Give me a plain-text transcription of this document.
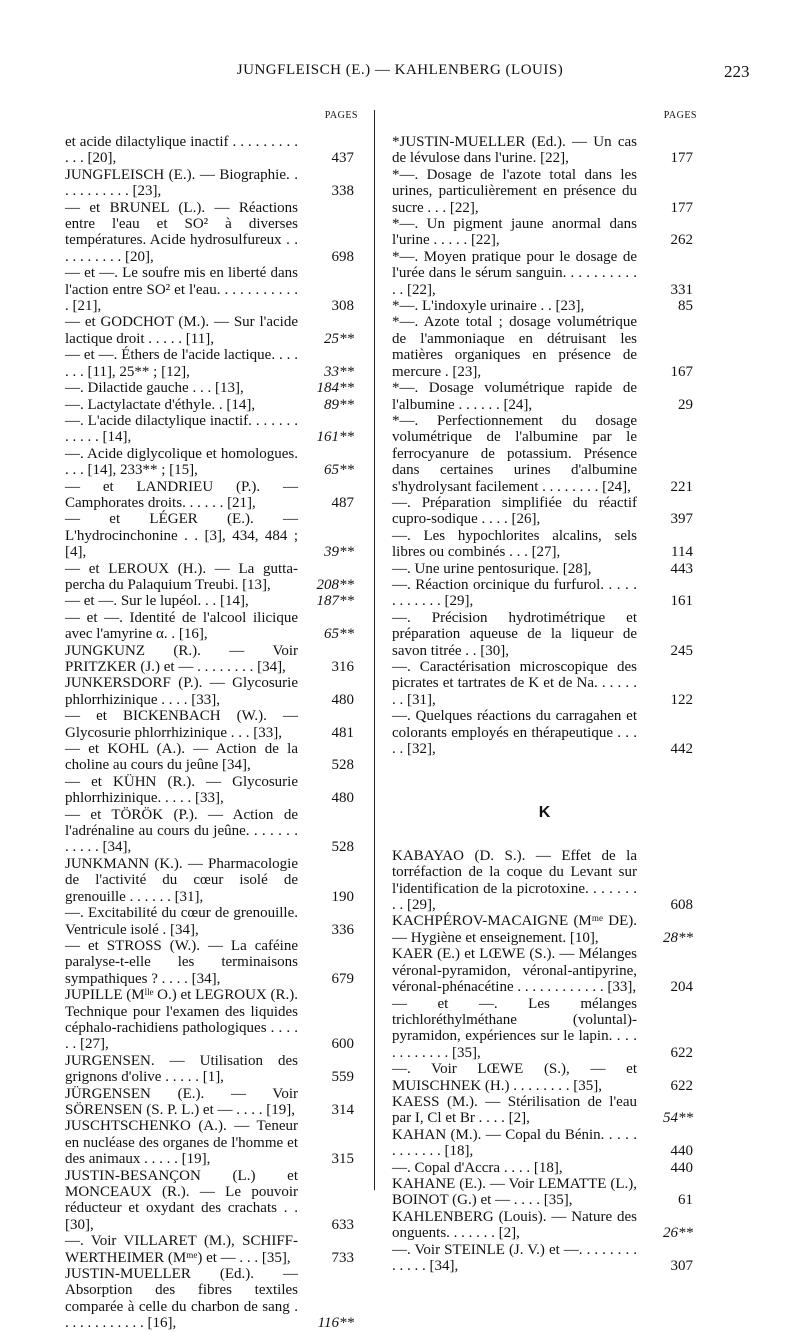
JUNGFLEISCH (E.) — KAHLENBERG (LOUIS)	223
PAGES
et acide dilactylique inactif . . . . . . . . . . . . [20],	437
JUNGFLEISCH (E.). — Biographie. . . . . . . . . . . [23],	338
— et BRUNEL (L.). — Réactions entre l'eau et SO² à diverses températures. Acide hydrosulfureux . . . . . . . . . . [20],	698
— et —. Le soufre mis en liberté dans l'action entre SO² et l'eau. . . . . . . . . . . . [21],	308
— et GODCHOT (M.). — Sur l'acide lactique droit . . . . . [11],	25**
— et —. Éthers de l'acide lactique. . . . . . . [11], 25** ; [12],	33**
—. Dilactide gauche . . . [13],	184**
—. Lactylactate d'éthyle. . [14],	89**
—. L'acide dilactylique inactif. . . . . . . . . . . . [14],	161**
—. Acide diglycolique et homologues. . . . [14], 233** ; [15],	65**
— et LANDRIEU (P.). — Camphorates droits. . . . . . [21],	487
— et LÉGER (E.). — L'hydrocinchonine . . [3], 434, 484 ; [4],	39**
— et LEROUX (H.). — La gutta-percha du Palaquium Treubi. [13],	208**
— et —. Sur le lupéol. . . [14],	187**
— et —. Identité de l'alcool ilicique avec l'amyrine α. . [16],	65**
JUNGKUNZ (R.). — Voir PRITZKER (J.) et — . . . . . . . . [34],	316
JUNKERSDORF (P.). — Glycosurie phlorrhizinique . . . . [33],	480
— et BICKENBACH (W.). — Glycosurie phlorrhizinique . . . [33],	481
— et KOHL (A.). — Action de la choline au cours du jeûne [34],	528
— et KÜHN (R.). — Glycosurie phlorrhizinique. . . . . [33],	480
— et TÖRÖK (P.). — Action de l'adrénaline au cours du jeûne. . . . . . . . . . . . [34],	528
JUNKMANN (K.). — Pharmacologie de l'activité du cœur isolé de grenouille . . . . . . [31],	190
—. Excitabilité du cœur de grenouille. Ventricule isolé . [34],	336
— et STROSS (W.). — La caféine paralyse-t-elle les terminaisons sympathiques ? . . . . [34],	679
JUPILLE (Mˡˡᵉ O.) et LEGROUX (R.). Technique pour l'examen des liquides céphalo-rachidiens pathologiques . . . . . . [27],	600
JURGENSEN. — Utilisation des grignons d'olive . . . . . [1],	559
JÜRGENSEN (E.). — Voir SÖRENSEN (S. P. L.) et — . . . . [19],	314
JUSCHTSCHENKO (A.). — Teneur en nucléase des organes de l'homme et des animaux . . . . . [19],	315
JUSTIN-BESANÇON (L.) et MONCEAUX (R.). — Le pouvoir réducteur et oxydant des crachats . . [30],	633
—. Voir VILLARET (M.), SCHIFF-WERTHEIMER (Mᵐᵉ) et — . . . [35],	733
JUSTIN-MUELLER (Ed.). — Absorption des fibres textiles comparée à celle du charbon de sang . . . . . . . . . . . . [16],	116**
PAGES
*JUSTIN-MUELLER (Ed.). — Un cas de lévulose dans l'urine. [22],	177
*—. Dosage de l'azote total dans les urines, particulièrement en présence du sucre . . . [22],	177
*—. Un pigment jaune anormal dans l'urine . . . . . [22],	262
*—. Moyen pratique pour le dosage de l'urée dans le sérum sanguin. . . . . . . . . . . . [22],	331
*—. L'indoxyle urinaire . . [23],	85
*—. Azote total ; dosage volumétrique de l'ammoniaque en détruisant les matières organiques en présence de mercure . [23],	167
*—. Dosage volumétrique rapide de l'albumine . . . . . . [24],	29
*—. Perfectionnement du dosage volumétrique de l'albumine par le ferrocyanure de potassium. Présence dans certaines urines d'albumine s'hydrolysant facilement . . . . . . . . [24],	221
—. Préparation simplifiée du réactif cupro-sodique . . . . [26],	397
—. Les hypochlorites alcalins, sels libres ou combinés . . . [27],	114
—. Une urine pentosurique. [28],	443
—. Réaction orcinique du furfurol. . . . . . . . . . . . [29],	161
—. Précision hydrotimétrique et préparation aqueuse de la liqueur de savon titrée . . [30],	245
—. Caractérisation microscopique des picrates et tartrates de K et de Na. . . . . . . . [31],	122
—. Quelques réactions du carragahen et colorants employés en thérapeutique . . . . . [32],	442
K
KABAYAO (D. S.). — Effet de la torréfaction de la coque du Levant sur l'identification de la picrotoxine. . . . . . . . . [29],	608
KACHPÉROV-MACAIGNE (Mᵐᵉ DE). — Hygiène et enseignement. [10],	28**
KAER (E.) et LŒWE (S.). — Mélanges véronal-pyramidon, véronal-antipyrine, véronal-phénacétine . . . . . . . . . . . . [33],	204
— et —. Les mélanges trichloréthylméthane (voluntal)-pyramidon, expériences sur le lapin. . . . . . . . . . . . [35],	622
—. Voir LŒWE (S.), — et MUISCHNEK (H.) . . . . . . . . [35],	622
KAESS (M.). — Stérilisation de l'eau par I, Cl et Br . . . . [2],	54**
KAHAN (M.). — Copal du Bénin. . . . . . . . . . . . [18],	440
—. Copal d'Accra . . . . [18],	440
KAHANE (E.). — Voir LEMATTE (L.), BOINOT (G.) et — . . . . [35],	61
KAHLENBERG (Louis). — Nature des onguents. . . . . . . [2],	26**
—. Voir STEINLE (J. V.) et —. . . . . . . . . . . . . [34],	307
